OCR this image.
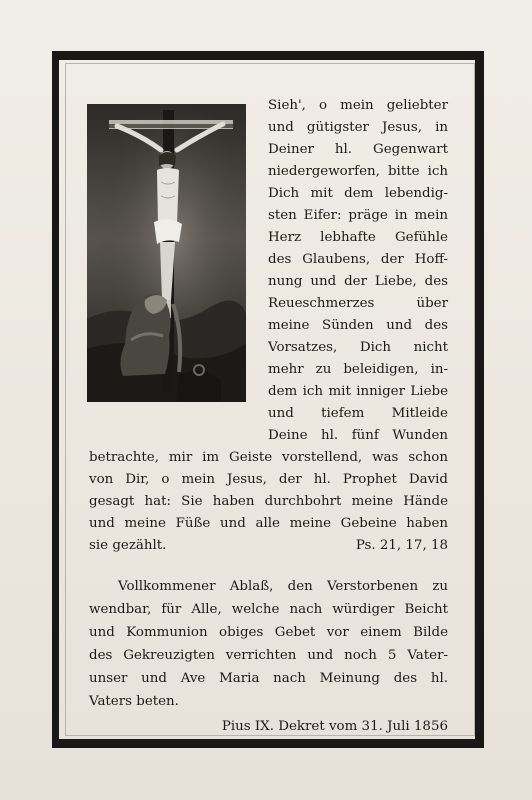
Sieh', o mein geliebter
und gütigster Jesus, in
Deiner hl. Gegenwart
niedergeworfen, bitte ich
Dich mit dem lebendig-
sten Eifer: präge in mein
Herz lebhafte Gefühle
des Glaubens, der Hoff-
nung und der Liebe, des
Reueschmerzes über
meine Sünden und des
Vorsatzes, Dich nicht
mehr zu beleidigen, in-
dem ich mit inniger Liebe
und tiefem Mitleide
Deine hl. fünf Wunden
betrachte, mir im Geiste vorstellend, was schon
von Dir, o mein Jesus, der hl. Prophet David
gesagt hat: Sie haben durchbohrt meine Hände
und meine Füße und alle meine Gebeine haben
sie gezählt.	Ps. 21, 17, 18
Vollkommener Ablaß, den Verstorbenen zu
wendbar, für Alle, welche nach würdiger Beicht
und Kommunion obiges Gebet vor einem Bilde
des Gekreuzigten verrichten und noch 5 Vater-
unser und Ave Maria nach Meinung des hl.
Vaters beten.
Pius IX. Dekret vom 31. Juli 1856
